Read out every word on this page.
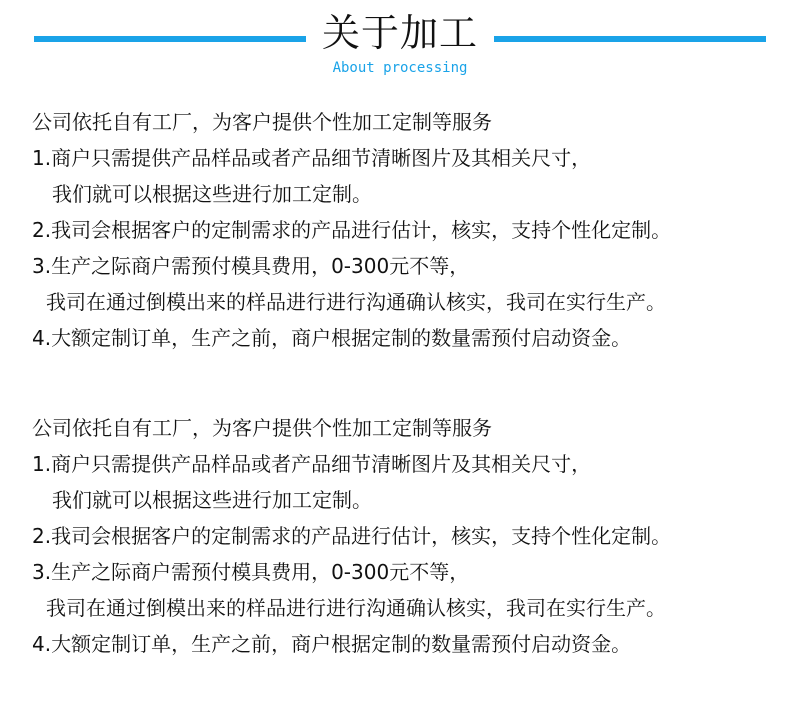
关于加工
About processing
公司依托自有工厂，为客户提供个性加工定制等服务
1.商户只需提供产品样品或者产品细节清晰图片及其相关尺寸，
我们就可以根据这些进行加工定制。
2.我司会根据客户的定制需求的产品进行估计，核实，支持个性化定制。
3.生产之际商户需预付模具费用，0-300元不等，
我司在通过倒模出来的样品进行进行沟通确认核实，我司在实行生产。
4.大额定制订单，生产之前，商户根据定制的数量需预付启动资金。
公司依托自有工厂，为客户提供个性加工定制等服务
1.商户只需提供产品样品或者产品细节清晰图片及其相关尺寸，
我们就可以根据这些进行加工定制。
2.我司会根据客户的定制需求的产品进行估计，核实，支持个性化定制。
3.生产之际商户需预付模具费用，0-300元不等，
我司在通过倒模出来的样品进行进行沟通确认核实，我司在实行生产。
4.大额定制订单，生产之前，商户根据定制的数量需预付启动资金。
